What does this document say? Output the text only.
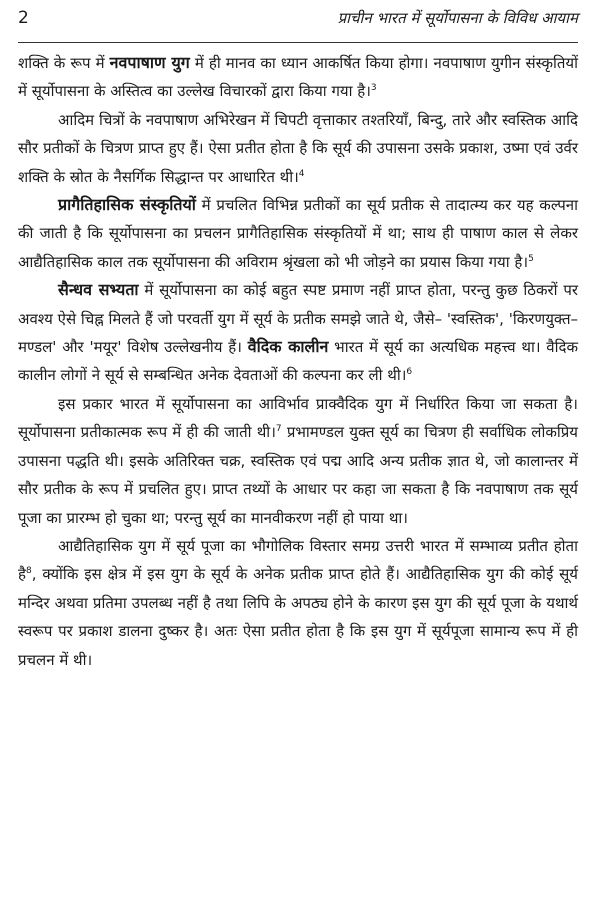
2	प्राचीन भारत में सूर्योपासना के विविध आयाम

शक्ति के रूप में नवपाषाण युग में ही मानव का ध्यान आकर्षित किया होगा। नवपाषाण युगीन संस्कृतियों में सूर्योपासना के अस्तित्व का उल्लेख विचारकों द्वारा किया गया है।$^3$

आदिम चित्रों के नवपाषाण अभिरेखन में चिपटी वृत्ताकार तश्तरियाँ, बिन्दु, तारे और स्वस्तिक आदि सौर प्रतीकों के चित्रण प्राप्त हुए हैं। ऐसा प्रतीत होता है कि सूर्य की उपासना उसके प्रकाश, उष्मा एवं उर्वर शक्ति के स्रोत के नैसर्गिक सिद्धान्त पर आधारित थी।$^4$

प्रागैतिहासिक संस्कृतियों में प्रचलित विभिन्न प्रतीकों का सूर्य प्रतीक से तादात्म्य कर यह कल्पना की जाती है कि सूर्योपासना का प्रचलन प्रागैतिहासिक संस्कृतियों में था; साथ ही पाषाण काल से लेकर आद्यैतिहासिक काल तक सूर्योपासना की अविराम श्रृंखला को भी जोड़ने का प्रयास किया गया है।$^5$

सैन्धव सभ्यता में सूर्योपासना का कोई बहुत स्पष्ट प्रमाण नहीं प्राप्त होता, परन्तु कुछ ठिकरों पर अवश्य ऐसे चिह्न मिलते हैं जो परवर्ती युग में सूर्य के प्रतीक समझे जाते थे, जैसे– 'स्वस्तिक', 'किरणयुक्त–मण्डल' और 'मयूर' विशेष उल्लेखनीय हैं। वैदिक कालीन भारत में सूर्य का अत्यधिक महत्त्व था। वैदिक कालीन लोगों ने सूर्य से सम्बन्धित अनेक देवताओं की कल्पना कर ली थी।$^6$

इस प्रकार भारत में सूर्योपासना का आविर्भाव प्राक्वैदिक युग में निर्धारित किया जा सकता है। सूर्योपासना प्रतीकात्मक रूप में ही की जाती थी।$^7$ प्रभामण्डल युक्त सूर्य का चित्रण ही सर्वाधिक लोकप्रिय उपासना पद्धति थी। इसके अतिरिक्त चक्र, स्वस्तिक एवं पद्म आदि अन्य प्रतीक ज्ञात थे, जो कालान्तर में सौर प्रतीक के रूप में प्रचलित हुए। प्राप्त तथ्यों के आधार पर कहा जा सकता है कि नवपाषाण तक सूर्य पूजा का प्रारम्भ हो चुका था; परन्तु सूर्य का मानवीकरण नहीं हो पाया था।

आद्यैतिहासिक युग में सूर्य पूजा का भौगोलिक विस्तार समग्र उत्तरी भारत में सम्भाव्य प्रतीत होता है$^8$, क्योंकि इस क्षेत्र में इस युग के सूर्य के अनेक प्रतीक प्राप्त होते हैं। आद्यैतिहासिक युग की कोई सूर्य मन्दिर अथवा प्रतिमा उपलब्ध नहीं है तथा लिपि के अपठ्य होने के कारण इस युग की सूर्य पूजा के यथार्थ स्वरूप पर प्रकाश डालना दुष्कर है। अतः ऐसा प्रतीत होता है कि इस युग में सूर्यपूजा सामान्य रूप में ही प्रचलन में थी।
